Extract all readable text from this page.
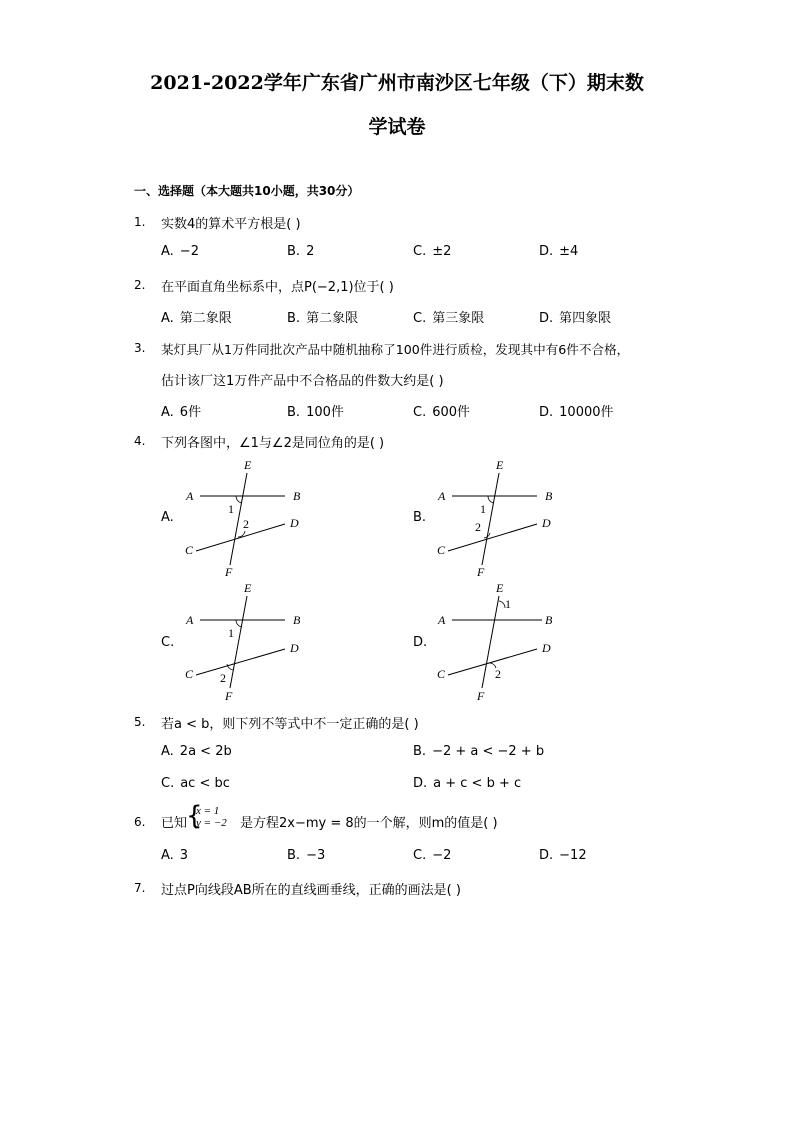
2021-2022学年广东省广州市南沙区七年级（下）期末数
学试卷
一、选择题（本大题共10小题，共30分）
1. 实数4的算术平方根是( )
A. −2	B. 2	C. ±2	D. ±4
2. 在平面直角坐标系中，点P(−2,1)位于( )
A. 第二象限	B. 第二象限	C. 第三象限	D. 第四象限
3. 某灯具厂从1万件同批次产品中随机抽称了100件进行质检，发现其中有6件不合格，
估计该厂这1万件产品中不合格品的件数大约是( )
A. 6件	B. 100件	C. 600件	D. 10000件
4. 下列各图中，∠1与∠2是同位角的是( )
A.
E
A	B
1
2	D
C
F
B.
E
A	B
1
2	D
C
F
C.
E
A	B
1
2
D
C
F
D.
E
1
A	B
2
D
C
F
5. 若a < b，则下列不等式中不一定正确的是( )
A. 2a < 2b	B. −2 + a < −2 + b
C. ac < bc	D. a + c < b + c
6. 已知
{
x = 1
y = −2 是方程2x−my = 8的一个解，则m的值是( )
A. 3	B. −3	C. −2	D. −12
7. 过点P向线段AB所在的直线画垂线，正确的画法是( )
